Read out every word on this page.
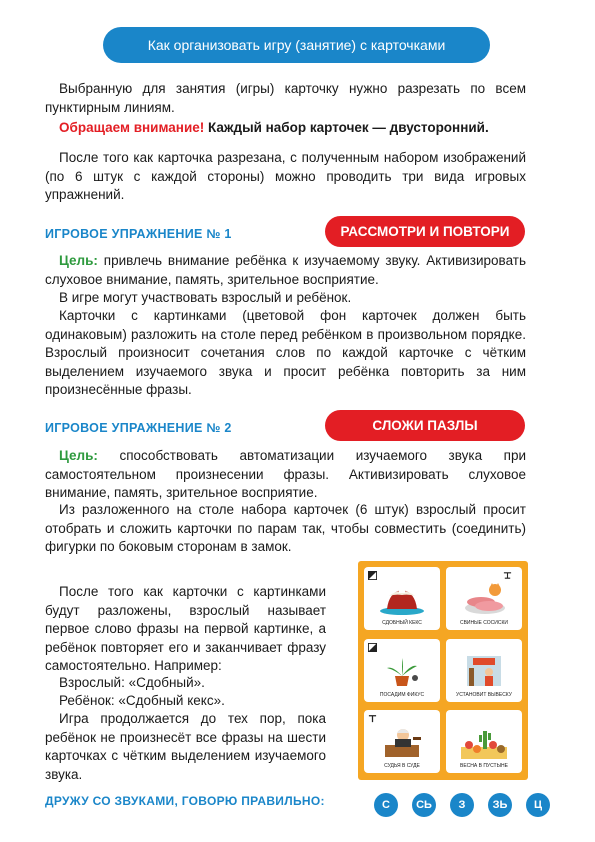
Как организовать игру (занятие) с карточками

Выбранную для занятия (игры) карточку нужно разрезать по всем пунктирным линиям.

Обращаем внимание! Каждый набор карточек — двусторонний.

После того как карточка разрезана, с полученным набором изображений (по 6 штук с каждой стороны) можно проводить три вида игровых упражнений.

ИГРОВОЕ УПРАЖНЕНИЕ № 1	РАССМОТРИ И ПОВТОРИ

Цель: привлечь внимание ребёнка к изучаемому звуку. Активизировать слуховое внимание, память, зрительное восприятие.

В игре могут участвовать взрослый и ребёнок.

Карточки с картинками (цветовой фон карточек должен быть одинаковым) разложить на столе перед ребёнком в произвольном порядке. Взрослый произносит сочетания слов по каждой карточке с чётким выделением изучаемого звука и просит ребёнка повторить за ним произнесённые фразы.

ИГРОВОЕ УПРАЖНЕНИЕ № 2	СЛОЖИ ПАЗЛЫ

Цель: способствовать автоматизации изучаемого звука при самостоятельном произнесении фразы. Активизировать слуховое внимание, память, зрительное восприятие.

Из разложенного на столе набора карточек (6 штук) взрослый просит отобрать и сложить карточки по парам так, чтобы совместить (соединить) фигурки по боковым сторонам в замок.

После того как карточки с картинками будут разложены, взрослый называет первое слово фразы на первой картинке, а ребёнок повторяет его и заканчивает фразу самостоятельно. Например:

Взрослый: «Сдобный».

Ребёнок: «Сдобный кекс».

Игра продолжается до тех пор, пока ребёнок не произнесёт все фразы на шести карточках с чётким выделением изучаемого звука.

СДОБНЫЙ КЕКС	СВИНЫЕ СОСИСКИ
ПОСАДИМ ФИКУС	УСТАНОВИТ ВЫВЕСКУ
СУДЬЯ В СУДЕ	ВЕСНА В ПУСТЫНЕ
ДРУЖУ СО ЗВУКАМИ, ГОВОРЮ ПРАВИЛЬНО:	С	СЬ	З	ЗЬ	Ц
